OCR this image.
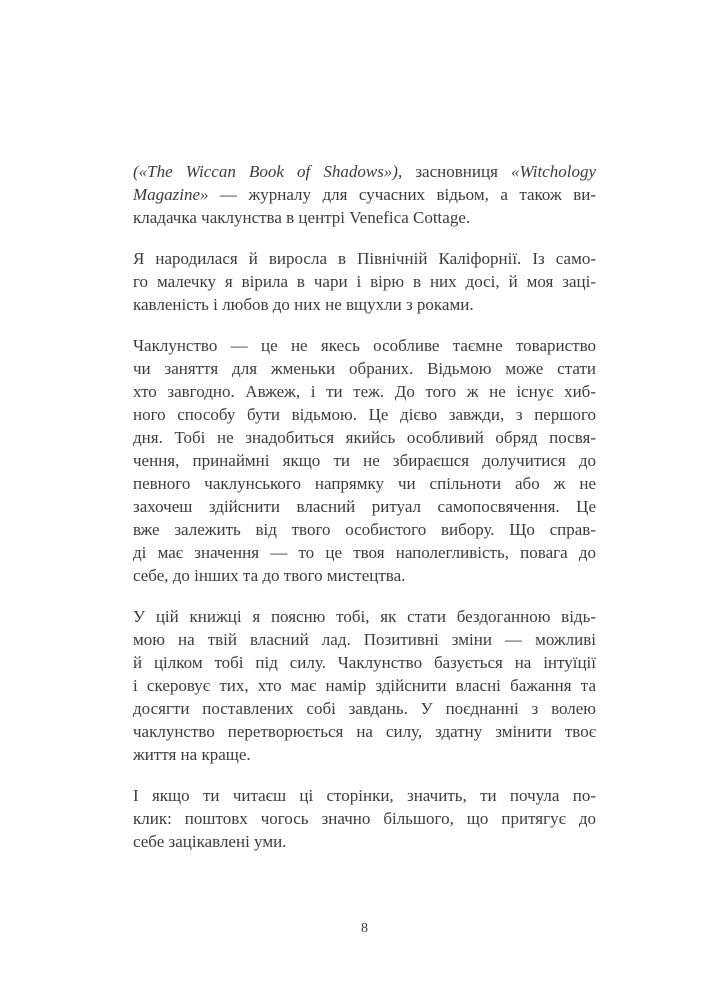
(«The Wiccan Book of Shadows»), засновниця «Witchology
Magazine» — журналу для сучасних відьом, а також ви-
кладачка чаклунства в центрі Venefica Cottage.
Я народилася й виросла в Північній Каліфорнії. Із само-
го малечку я вірила в чари і вірю в них досі, й моя заці-
кавленість і любов до них не вщухли з роками.
Чаклунство — це не якесь особливе таємне товариство
чи заняття для жменьки обраних. Відьмою може стати
хто завгодно. Авжеж, і ти теж. До того ж не існує хиб-
ного способу бути відьмою. Це дієво завжди, з першого
дня. Тобі не знадобиться якийсь особливий обряд посвя-
чення, принаймні якщо ти не збираєшся долучитися до
певного чаклунського напрямку чи спільноти або ж не
захочеш здійснити власний ритуал самопосвячення. Це
вже залежить від твого особистого вибору. Що справ-
ді має значення — то це твоя наполегливість, повага до
себе, до інших та до твого мистецтва.
У цій книжці я поясню тобі, як стати бездоганною відь-
мою на твій власний лад. Позитивні зміни — можливі
й цілком тобі під силу. Чаклунство базується на інтуїції
і скеровує тих, хто має намір здійснити власні бажання та
досягти поставлених собі завдань. У поєднанні з волею
чаклунство перетворюється на силу, здатну змінити твоє
життя на краще.
І якщо ти читаєш ці сторінки, значить, ти почула по-
клик: поштовх чогось значно більшого, що притягує до
себе зацікавлені уми.
8
